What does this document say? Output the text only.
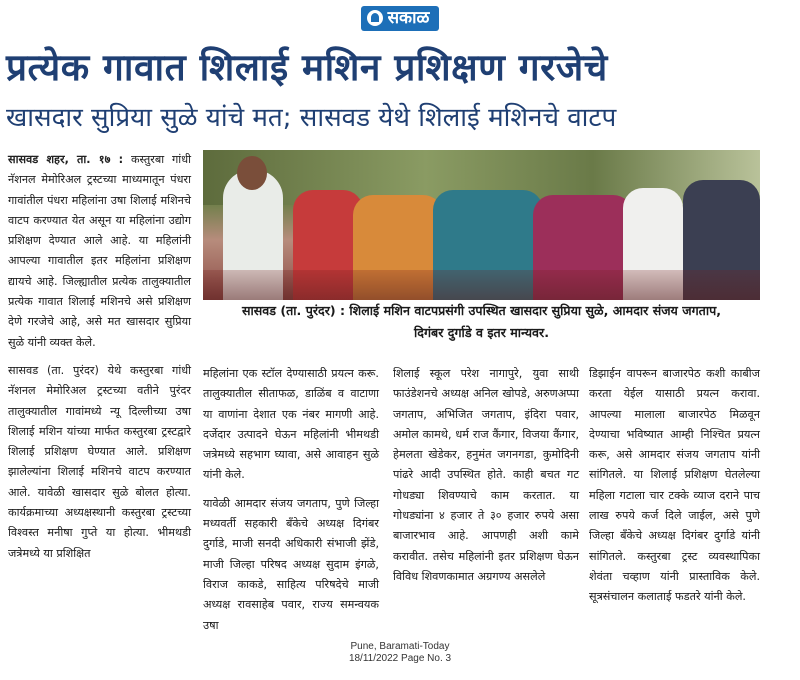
सकाळ
प्रत्येक गावात शिलाई मशिन प्रशिक्षण गरजेचे
खासदार सुप्रिया सुळे यांचे मत; सासवड येथे शिलाई मशिनचे वाटप

सासवड शहर, ता. १७ : कस्तुरबा गांधी नॅशनल मेमोरिअल ट्रस्टच्या माध्यमातून पंधरा गावांतील पंधरा महिलांना उषा शिलाई मशिनचे वाटप करण्यात येत असून या महिलांना उद्योग प्रशिक्षण देण्यात आले आहे. या महिलांनी आपल्या गावातील इतर महिलांना प्रशिक्षण द्यायचे आहे. जिल्ह्यातील प्रत्येक तालुक्यातील प्रत्येक गावात शिलाई मशिनचे असे प्रशिक्षण देणे गरजेचे आहे, असे मत खासदार सुप्रिया सुळे यांनी व्यक्त केले.

सासवड (ता. पुरंदर) येथे कस्तुरबा गांधी नॅशनल मेमोरिअल ट्रस्टच्या वतीने पुरंदर तालुक्यातील गावांमध्ये न्यू दिल्लीच्या उषा शिलाई मशिन यांच्या मार्फत कस्तुरबा ट्रस्टद्वारे शिलाई प्रशिक्षण घेण्यात आले. प्रशिक्षण झालेल्यांना शिलाई मशिनचे वाटप करण्यात आले. यावेळी खासदार सुळे बोलत होत्या. कार्यक्रमाच्या अध्यक्षस्थानी कस्तुरबा ट्रस्टच्या विश्वस्त मनीषा गुप्ते या होत्या. भीमथडी जत्रेमध्ये या प्रशिक्षित

सासवड (ता. पुरंदर) : शिलाई मशिन वाटपप्रसंगी उपस्थित खासदार सुप्रिया सुळे, आमदार संजय जगताप,
दिगंबर दुर्गाडे व इतर मान्यवर.

महिलांना एक स्टॉल देण्यासाठी प्रयत्न करू. तालुक्यातील सीताफळ, डाळिंब व वाटाणा या वाणांना देशात एक नंबर मागणी आहे. दर्जेदार उत्पादने घेऊन महिलांनी भीमथडी जत्रेमध्ये सहभाग घ्यावा, असे आवाहन सुळे यांनी केले.

यावेळी आमदार संजय जगताप, पुणे जिल्हा मध्यवर्ती सहकारी बँकेचे अध्यक्ष दिगंबर दुर्गाडे, माजी सनदी अधिकारी संभाजी झेंडे, माजी जिल्हा परिषद अध्यक्ष सुदाम इंगळे, विराज काकडे, साहित्य परिषदेचे माजी अध्यक्ष रावसाहेब पवार, राज्य समन्वयक उषा

शिलाई स्कूल परेश नागापुरे, युवा साथी फाउंडेशनचे अध्यक्ष अनिल खोपडे, अरुणअप्पा जगताप, अभिजित जगताप, इंदिरा पवार, अमोल कामथे, धर्म राज कैंगार, विजया कैंगार, हेमलता खेडेकर, हनुमंत जगनगडा, कुमोदिनी पांढरे आदी उपस्थित होते. काही बचत गट गोधड्या शिवण्याचे काम करतात. या गोधड्यांना ४ हजार ते ३० हजार रुपये असा बाजारभाव आहे. आपणही अशी कामे करावीत. तसेच महिलांनी इतर प्रशिक्षण घेऊन विविध शिवणकामात अग्रगण्य असलेले

डिझाईन वापरून बाजारपेठ कशी काबीज करता येईल यासाठी प्रयत्न करावा. आपल्या मालाला बाजारपेठ मिळवून देण्याचा भविष्यात आम्ही निश्चित प्रयत्न करू, असे आमदार संजय जगताप यांनी सांगितले. या शिलाई प्रशिक्षण घेतलेल्या महिला गटाला चार टक्के व्याज दराने पाच लाख रुपये कर्ज दिले जाईल, असे पुणे जिल्हा बँकेचे अध्यक्ष दिगंबर दुर्गाडे यांनी सांगितले. कस्तुरबा ट्रस्ट व्यवस्थापिका शेवंता चव्हाण यांनी प्रास्ताविक केले. सूत्रसंचालन कलाताई फडतरे यांनी केले.

Pune, Baramati-Today
18/11/2022 Page No. 3
